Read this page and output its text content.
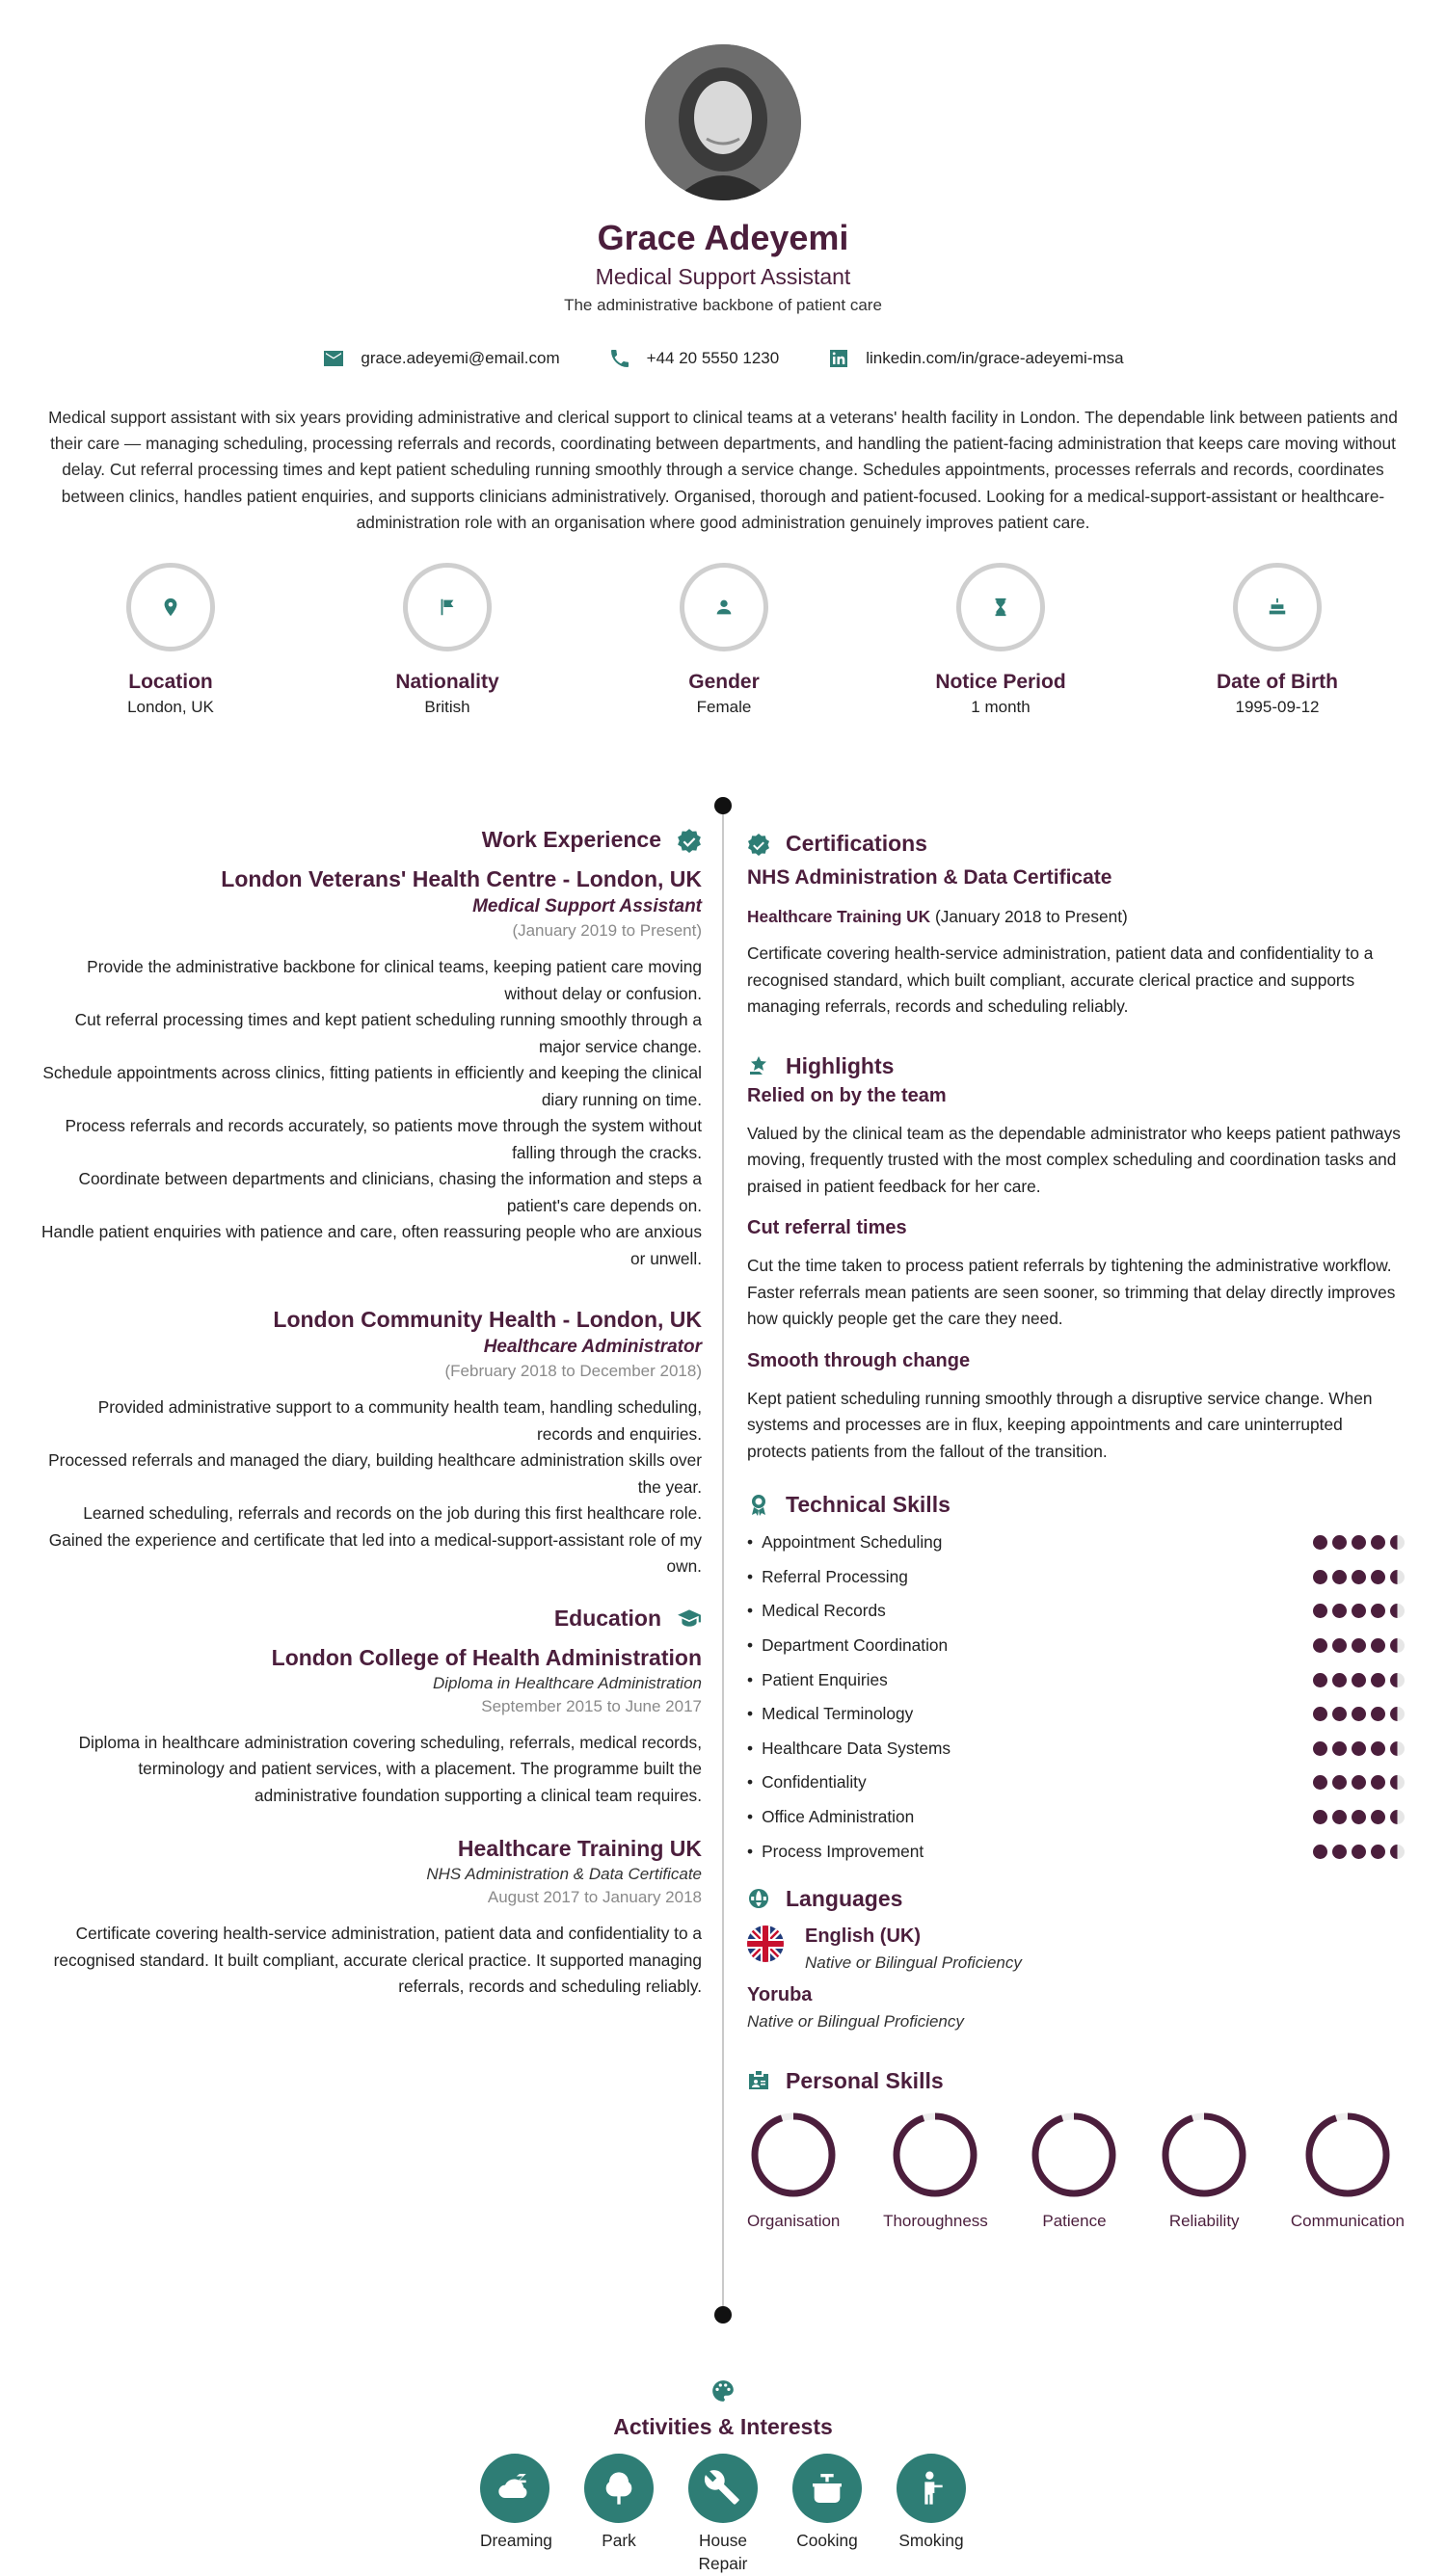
Grace Adeyemi
Medical Support Assistant
The administrative backbone of patient care
grace.adeyemi@email.com	+44 20 5550 1230	linkedin.com/in/grace-adeyemi-msa
Medical support assistant with six years providing administrative and clerical support to clinical teams at a veterans' health facility in London. The dependable link between patients and their care — managing scheduling, processing referrals and records, coordinating between departments, and handling the patient-facing administration that keeps care moving without delay. Cut referral processing times and kept patient scheduling running smoothly through a service change. Schedules appointments, processes referrals and records, coordinates between clinics, handles patient enquiries, and supports clinicians administratively. Organised, thorough and patient-focused. Looking for a medical-support-assistant or healthcare-administration role with an organisation where good administration genuinely improves patient care.
Location
London, UK
Nationality
British
Gender
Female
Notice Period
1 month
Date of Birth
1995-09-12
Work Experience
London Veterans' Health Centre - London, UK
Medical Support Assistant
(January 2019 to Present)
Provide the administrative backbone for clinical teams, keeping patient care moving without delay or confusion.
Cut referral processing times and kept patient scheduling running smoothly through a major service change.
Schedule appointments across clinics, fitting patients in efficiently and keeping the clinical diary running on time.
Process referrals and records accurately, so patients move through the system without falling through the cracks.
Coordinate between departments and clinicians, chasing the information and steps a patient's care depends on.
Handle patient enquiries with patience and care, often reassuring people who are anxious or unwell.
London Community Health - London, UK
Healthcare Administrator
(February 2018 to December 2018)
Provided administrative support to a community health team, handling scheduling, records and enquiries.
Processed referrals and managed the diary, building healthcare administration skills over the year.
Learned scheduling, referrals and records on the job during this first healthcare role.
Gained the experience and certificate that led into a medical-support-assistant role of my own.
Education
London College of Health Administration
Diploma in Healthcare Administration
September 2015 to June 2017
Diploma in healthcare administration covering scheduling, referrals, medical records, terminology and patient services, with a placement. The programme built the administrative foundation supporting a clinical team requires.
Healthcare Training UK
NHS Administration & Data Certificate
August 2017 to January 2018
Certificate covering health-service administration, patient data and confidentiality to a recognised standard. It built compliant, accurate clerical practice. It supported managing referrals, records and scheduling reliably.
Certifications
NHS Administration & Data Certificate
Healthcare Training UK (January 2018 to Present)
Certificate covering health-service administration, patient data and confidentiality to a recognised standard, which built compliant, accurate clerical practice and supports managing referrals, records and scheduling reliably.
Highlights
Relied on by the team
Valued by the clinical team as the dependable administrator who keeps patient pathways moving, frequently trusted with the most complex scheduling and coordination tasks and praised in patient feedback for her care.
Cut referral times
Cut the time taken to process patient referrals by tightening the administrative workflow. Faster referrals mean patients are seen sooner, so trimming that delay directly improves how quickly people get the care they need.
Smooth through change
Kept patient scheduling running smoothly through a disruptive service change. When systems and processes are in flux, keeping appointments and care uninterrupted protects patients from the fallout of the transition.
Technical Skills
• Appointment Scheduling
• Referral Processing
• Medical Records
• Department Coordination
• Patient Enquiries
• Medical Terminology
• Healthcare Data Systems
• Confidentiality
• Office Administration
• Process Improvement
Languages
English (UK)
Native or Bilingual Proficiency
Yoruba
Native or Bilingual Proficiency
Personal Skills
Organisation	Thoroughness	Patience	Reliability	Communication
Activities & Interests
Dreaming	Park	House Repair
Cooking Smoking
